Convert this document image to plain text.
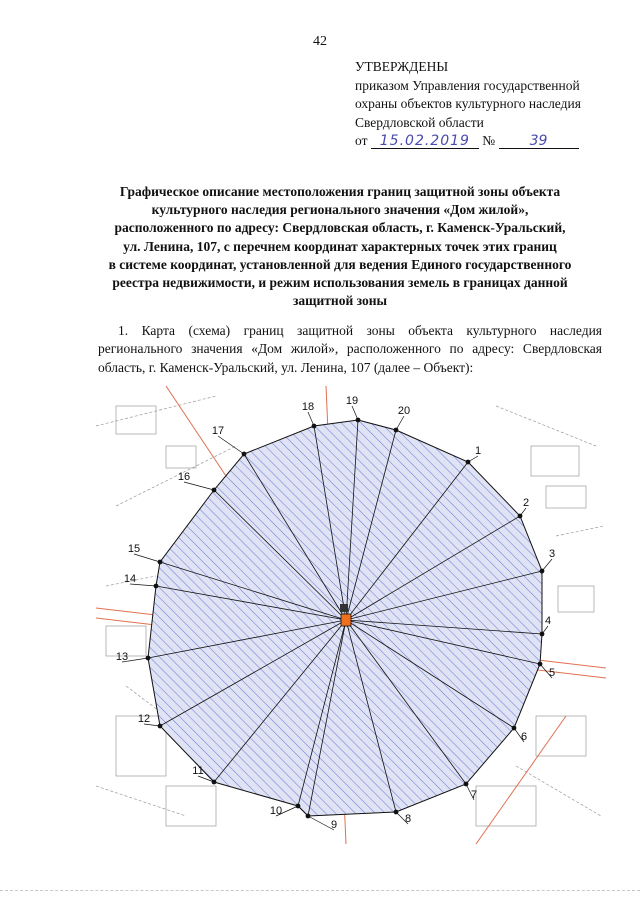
42
УТВЕРЖДЕНЫ
приказом Управления государственной
охраны объектов культурного наследия
Свердловской области
от 15.02.2019 № 39
Графическое описание местоположения границ защитной зоны объекта
культурного наследия регионального значения «Дом жилой»,
расположенного по адресу: Свердловская область, г. Каменск-Уральский,
ул. Ленина, 107, с перечнем координат характерных точек этих границ
в системе координат, установленной для ведения Единого государственного
реестра недвижимости, и режим использования земель в границах данной
защитной зоны
1. Карта (схема) границ защитной зоны объекта культурного наследия регионального значения «Дом жилой», расположенного по адресу: Свердловская область, г. Каменск-Уральский, ул. Ленина, 107 (далее – Объект):
1
2
3
4
5
6
7
8
9
10
11
12
13
14
15
16
17
18	19
20
